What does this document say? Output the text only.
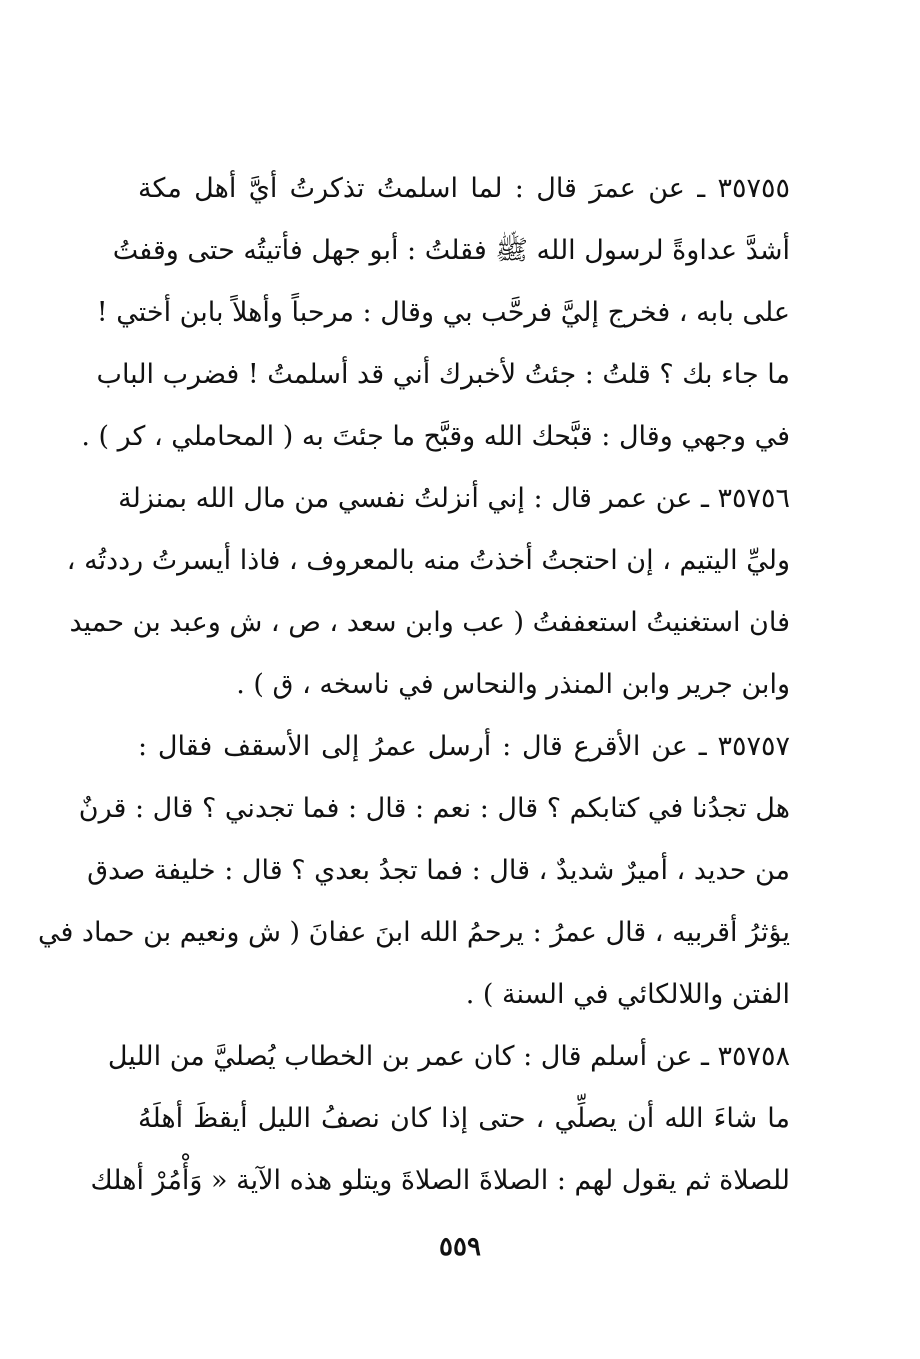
٣٥٧٥٥ ـ عن عمرَ قال : لما اسلمتُ تذكرتُ أيَّ أهل مكة
أشدَّ عداوةً لرسول الله ﷺ فقلتُ : أبو جهل فأتيتُه حتى وقفتُ
على بابه ، فخرج إليَّ فرحَّب بي وقال : مرحباً وأهلاً بابن أختي !
ما جاء بك ؟ قلتُ : جئتُ لأخبرك أني قد أسلمتُ ! فضرب الباب
في وجهي وقال : قبَّحك الله وقبَّح ما جئتَ به ( المحاملي ، كر ) .
٣٥٧٥٦ ـ عن عمر قال : إني أنزلتُ نفسي من مال الله بمنزلة
وليِّ اليتيم ، إن احتجتُ أخذتُ منه بالمعروف ، فاذا أيسرتُ رددتُه ،
فان استغنيتُ استعففتُ ( عب وابن سعد ، ص ، ش وعبد بن حميد
وابن جرير وابن المنذر والنحاس في ناسخه ، ق ) .
٣٥٧٥٧ ـ عن الأقرع قال : أرسل عمرُ إلى الأسقف فقال :
هل تجدُنا في كتابكم ؟ قال : نعم : قال : فما تجدني ؟ قال : قرنٌ
من حديد ، أميرٌ شديدٌ ، قال : فما تجدُ بعدي ؟ قال : خليفة صدق
يؤثرُ أقربيه ، قال عمرُ : يرحمُ الله ابنَ عفانَ ( ش ونعيم بن حماد في
الفتن واللالكائي في السنة ) .
٣٥٧٥٨ ـ عن أسلم قال : كان عمر بن الخطاب يُصليَّ من الليل
ما شاءَ الله أن يصلِّي ، حتى إذا كان نصفُ الليل أيقظَ أهلَهُ
للصلاة ثم يقول لهم : الصلاةَ الصلاةَ ويتلو هذه الآية « وَأْمُرْ أهلك
٥٥٩
